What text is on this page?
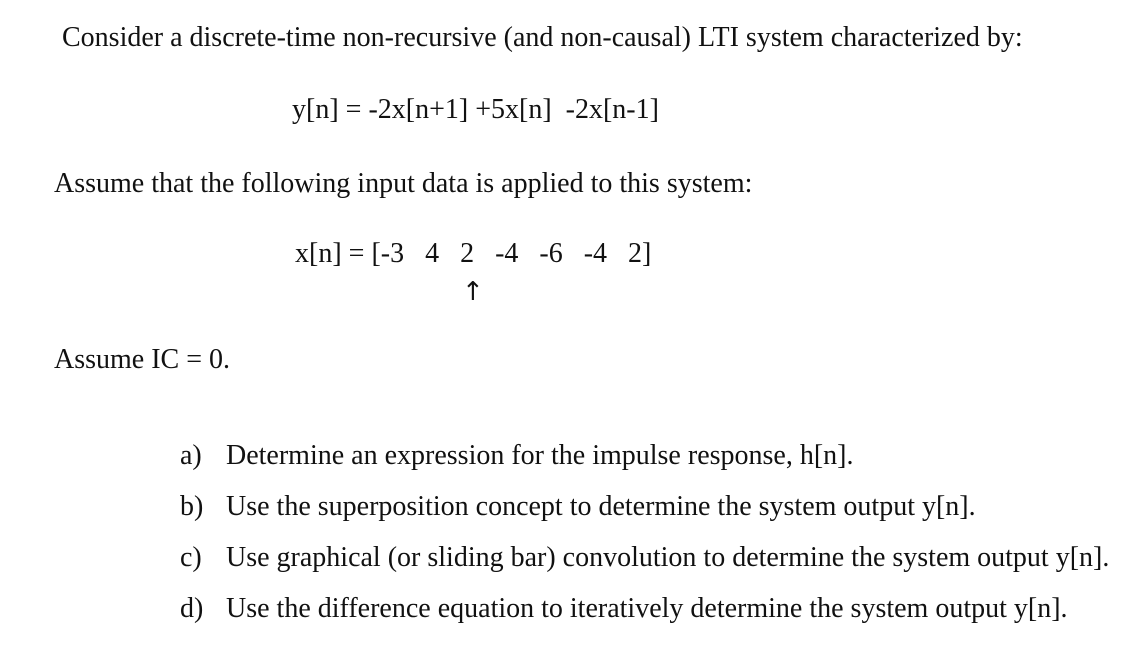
Consider a discrete-time non-recursive (and non-causal) LTI system characterized by:
y[n] = -2x[n+1] +5x[n]  -2x[n-1]
Assume that the following input data is applied to this system:
x[n] = [-3   4   2   -4   -6   -4   2]
↑
Assume IC = 0.

a) Determine an expression for the impulse response, h[n].

b) Use the superposition concept to determine the system output y[n].

c) Use graphical (or sliding bar) convolution to determine the system output y[n].

d) Use the difference equation to iteratively determine the system output y[n].
